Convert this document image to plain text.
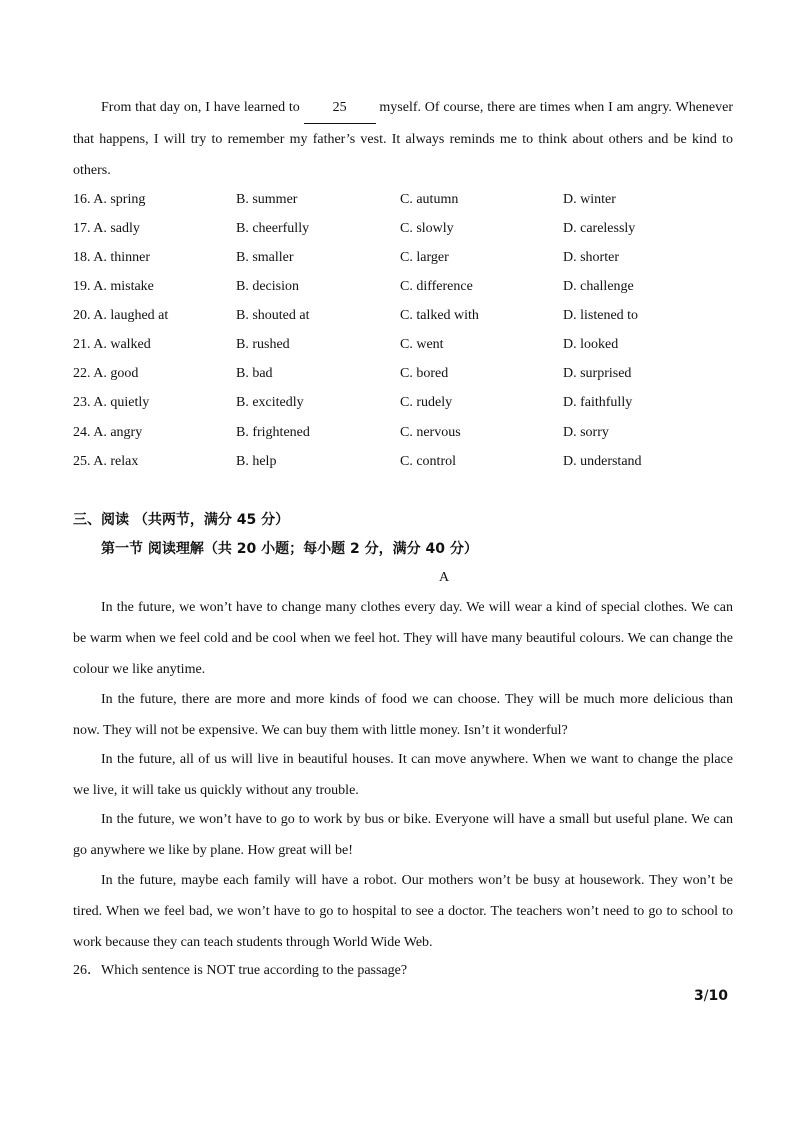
From that day on, I have learned to 25 myself. Of course, there are times when I am angry. Whenever that happens, I will try to remember my father’s vest. It always reminds me to think about others and be kind to others.

16. A. spring	B. summer	C. autumn	D. winter
17. A. sadly	B. cheerfully	C. slowly	D. carelessly
18. A. thinner	B. smaller	C. larger	D. shorter
19. A. mistake	B. decision	C. difference	D. challenge
20. A. laughed at	B. shouted at	C. talked with	D. listened to
21. A. walked	B. rushed	C. went	D. looked
22. A. good	B. bad	C. bored	D. surprised
23. A. quietly	B. excitedly	C. rudely	D. faithfully
24. A. angry	B. frightened	C. nervous	D. sorry
25. A. relax	B. help	C. control	D. understand
三、阅读 （共两节，满分 45 分）
第一节 阅读理解（共 20 小题；每小题 2 分，满分 40 分）
A

In the future, we won’t have to change many clothes every day. We will wear a kind of special clothes. We can be warm when we feel cold and be cool when we feel hot. They will have many beautiful colours. We can change the colour we like anytime.

In the future, there are more and more kinds of food we can choose. They will be much more delicious than now. They will not be expensive. We can buy them with little money. Isn’t it wonderful?

In the future, all of us will live in beautiful houses. It can move anywhere. When we want to change the place we live, it will take us quickly without any trouble.

In the future, we won’t have to go to work by bus or bike. Everyone will have a small but useful plane. We can go anywhere we like by plane. How great will be!

In the future, maybe each family will have a robot. Our mothers won’t be busy at housework. They won’t be tired. When we feel bad, we won’t have to go to hospital to see a doctor. The teachers won’t need to go to school to work because they can teach students through World Wide Web.

26．Which sentence is NOT true according to the passage?
3/10
